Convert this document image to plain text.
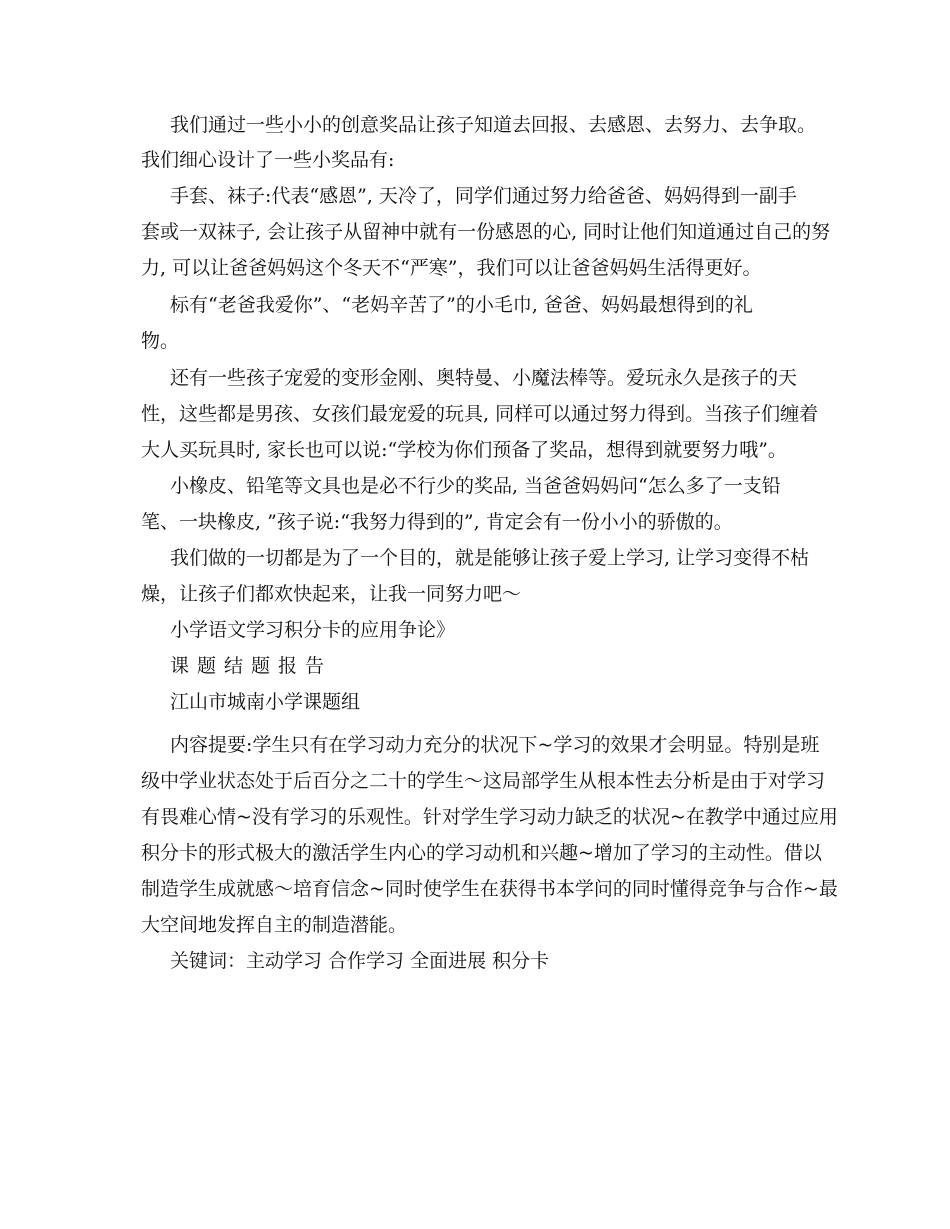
我们通过一些小小的创意奖品让孩子知道去回报、去感恩、去努力、去争取。
我们细心设计了一些小奖品有:
手套、袜子:代表“感恩”, 天冷了，同学们通过努力给爸爸、妈妈得到一副手
套或一双袜子, 会让孩子从留神中就有一份感恩的心, 同时让他们知道通过自己的努
力, 可以让爸爸妈妈这个冬天不“严寒”，我们可以让爸爸妈妈生活得更好。
标有“老爸我爱你”、“老妈辛苦了”的小毛巾, 爸爸、妈妈最想得到的礼
物。
还有一些孩子宠爱的变形金刚、奥特曼、小魔法棒等。爱玩永久是孩子的天
性，这些都是男孩、女孩们最宠爱的玩具, 同样可以通过努力得到。当孩子们缠着
大人买玩具时, 家长也可以说:“学校为你们预备了奖品，想得到就要努力哦”。
小橡皮、铅笔等文具也是必不行少的奖品, 当爸爸妈妈问“怎么多了一支铅
笔、一块橡皮, ”孩子说:“我努力得到的”, 肯定会有一份小小的骄傲的。
我们做的一切都是为了一个目的，就是能够让孩子爱上学习, 让学习变得不枯
燥，让孩子们都欢快起来，让我一同努力吧～
小学语文学习积分卡的应用争论》
课题结题报告
江山市城南小学课题组
内容提要:学生只有在学习动力充分的状况下~学习的效果才会明显。特别是班
级中学业状态处于后百分之二十的学生～这局部学生从根本性去分析是由于对学习
有畏难心情~没有学习的乐观性。针对学生学习动力缺乏的状况~在教学中通过应用
积分卡的形式极大的激活学生内心的学习动机和兴趣~增加了学习的主动性。借以
制造学生成就感～培育信念~同时使学生在获得书本学问的同时懂得竞争与合作~最
大空间地发挥自主的制造潜能。
关键词：主动学习 合作学习 全面进展 积分卡
